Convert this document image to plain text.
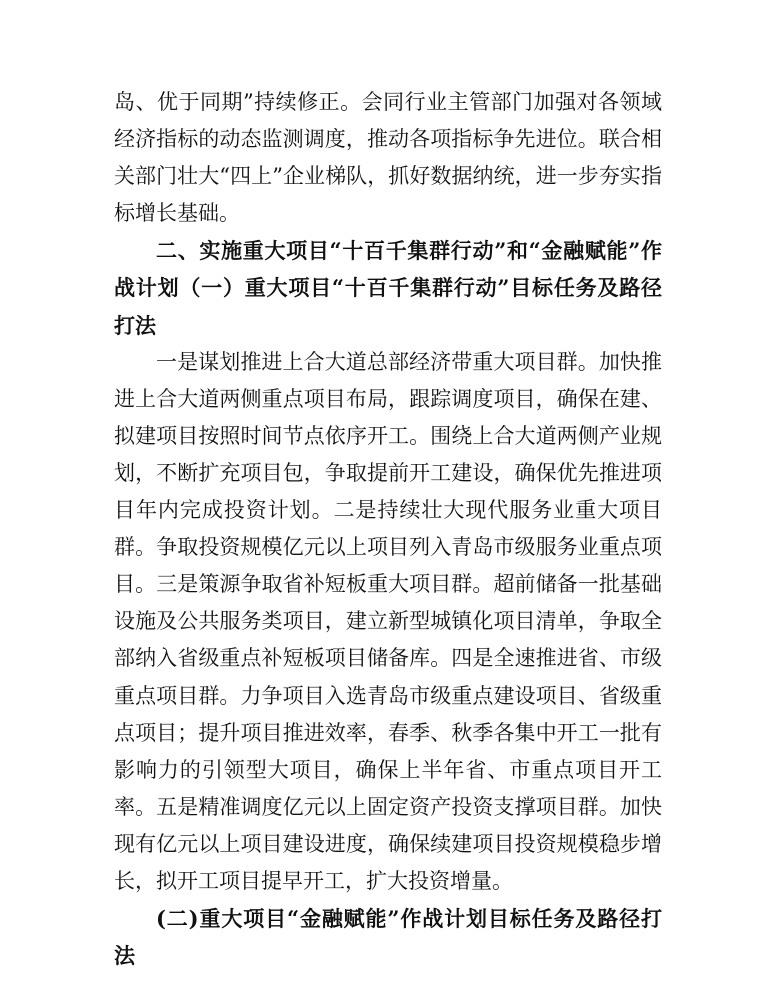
岛、优于同期”持续修正。会同行业主管部门加强对各领域经济指标的动态监测调度，推动各项指标争先进位。联合相关部门壮大“四上”企业梯队，抓好数据纳统，进一步夯实指标增长基础。

二、实施重大项目“十百千集群行动”和“金融赋能”作战计划（一）重大项目“十百千集群行动”目标任务及路径打法

一是谋划推进上合大道总部经济带重大项目群。加快推进上合大道两侧重点项目布局，跟踪调度项目，确保在建、拟建项目按照时间节点依序开工。围绕上合大道两侧产业规划，不断扩充项目包，争取提前开工建设，确保优先推进项目年内完成投资计划。二是持续壮大现代服务业重大项目群。争取投资规模亿元以上项目列入青岛市级服务业重点项目。三是策源争取省补短板重大项目群。超前储备一批基础设施及公共服务类项目，建立新型城镇化项目清单，争取全部纳入省级重点补短板项目储备库。四是全速推进省、市级重点项目群。力争项目入选青岛市级重点建设项目、省级重点项目；提升项目推进效率，春季、秋季各集中开工一批有影响力的引领型大项目，确保上半年省、市重点项目开工率。五是精准调度亿元以上固定资产投资支撑项目群。加快现有亿元以上项目建设进度，确保续建项目投资规模稳步增长，拟开工项目提早开工，扩大投资增量。

(二)重大项目“金融赋能”作战计划目标任务及路径打法
